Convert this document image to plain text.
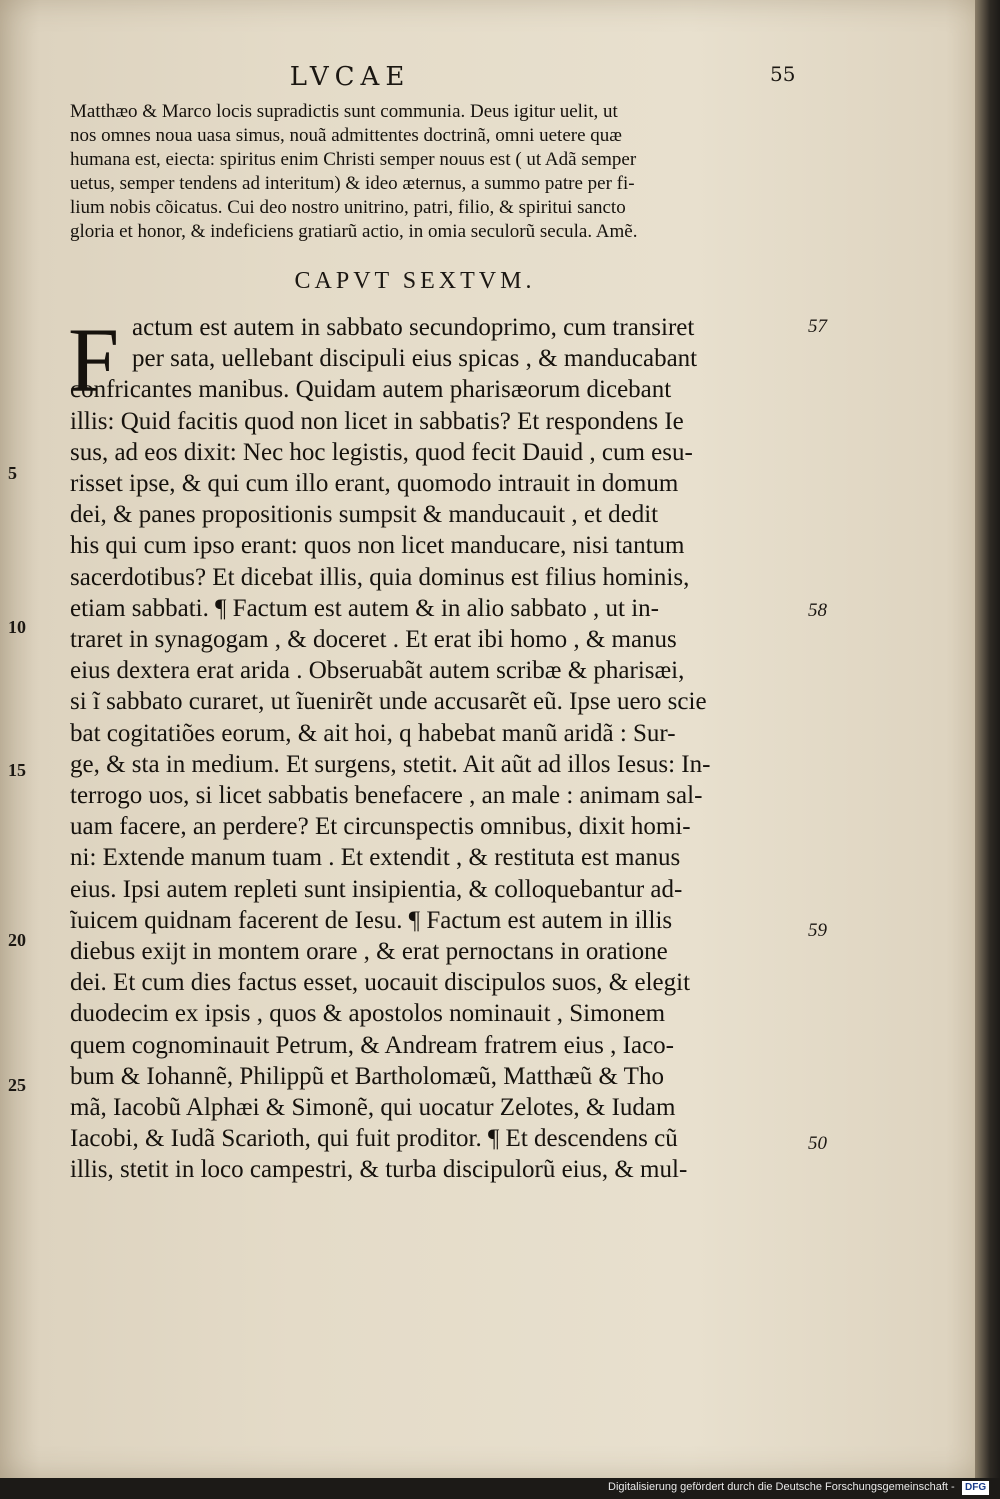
LVCAE	55
Matthæo & Marco locis supradictis sunt communia. Deus igitur uelit, ut
nos omnes noua uasa simus, nouã admittentes doctrinã, omni uetere quæ
humana est, eiecta: spiritus enim Christi semper nouus est ( ut Adã semper
uetus, semper tendens ad interitum) & ideo æternus, a summo patre per fi-
lium nobis cõicatus. Cui deo nostro unitrino, patri, filio, & spiritui sancto
gloria et honor, & indeficiens gratiarũ actio, in omia seculorũ secula. Amẽ.
CAPVT SEXTVM.
F actum est autem in sabbato secundoprimo, cum transiret
per sata, uellebant discipuli eius spicas , & manducabant
confricantes manibus. Quidam autem pharisæorum dicebant
illis: Quid facitis quod non licet in sabbatis? Et respondens Ie
sus, ad eos dixit: Nec hoc legistis, quod fecit Dauid , cum esu-
risset ipse, & qui cum illo erant, quomodo intrauit in domum
dei, & panes propositionis sumpsit & manducauit , et dedit
his qui cum ipso erant: quos non licet manducare, nisi tantum
sacerdotibus? Et dicebat illis, quia dominus est filius hominis,
etiam sabbati. ¶ Factum est autem & in alio sabbato , ut in-
traret in synagogam , & doceret . Et erat ibi homo , & manus
eius dextera erat arida . Obseruabãt autem scribæ & pharisæi,
si ĩ sabbato curaret, ut ĩuenirẽt unde accusarẽt eũ. Ipse uero scie
bat cogitatiões eorum, & ait hoi, q habebat manũ aridã : Sur-
ge, & sta in medium. Et surgens, stetit. Ait aũt ad illos Iesus: In-
terrogo uos, si licet sabbatis benefacere , an male : animam sal-
uam facere, an perdere? Et circunspectis omnibus, dixit homi-
ni: Extende manum tuam . Et extendit , & restituta est manus
eius. Ipsi autem repleti sunt insipientia, & colloquebantur ad-
ĩuicem quidnam facerent de Iesu. ¶ Factum est autem in illis
diebus exijt in montem orare , & erat pernoctans in oratione
dei. Et cum dies factus esset, uocauit discipulos suos, & elegit
duodecim ex ipsis , quos & apostolos nominauit , Simonem
quem cognominauit Petrum, & Andream fratrem eius , Iaco-
bum & Iohannẽ, Philippũ et Bartholomæũ, Matthæũ & Tho
mã, Iacobũ Alphæi & Simonẽ, qui uocatur Zelotes, & Iudam
Iacobi, & Iudã Scarioth, qui fuit proditor. ¶ Et descendens cũ
illis, stetit in loco campestri, & turba discipulorũ eius, & mul-
57
58
59
50
5
10
15
20
25
Digitalisierung gefördert durch die Deutsche Forschungsgemeinschaft -	DFG
